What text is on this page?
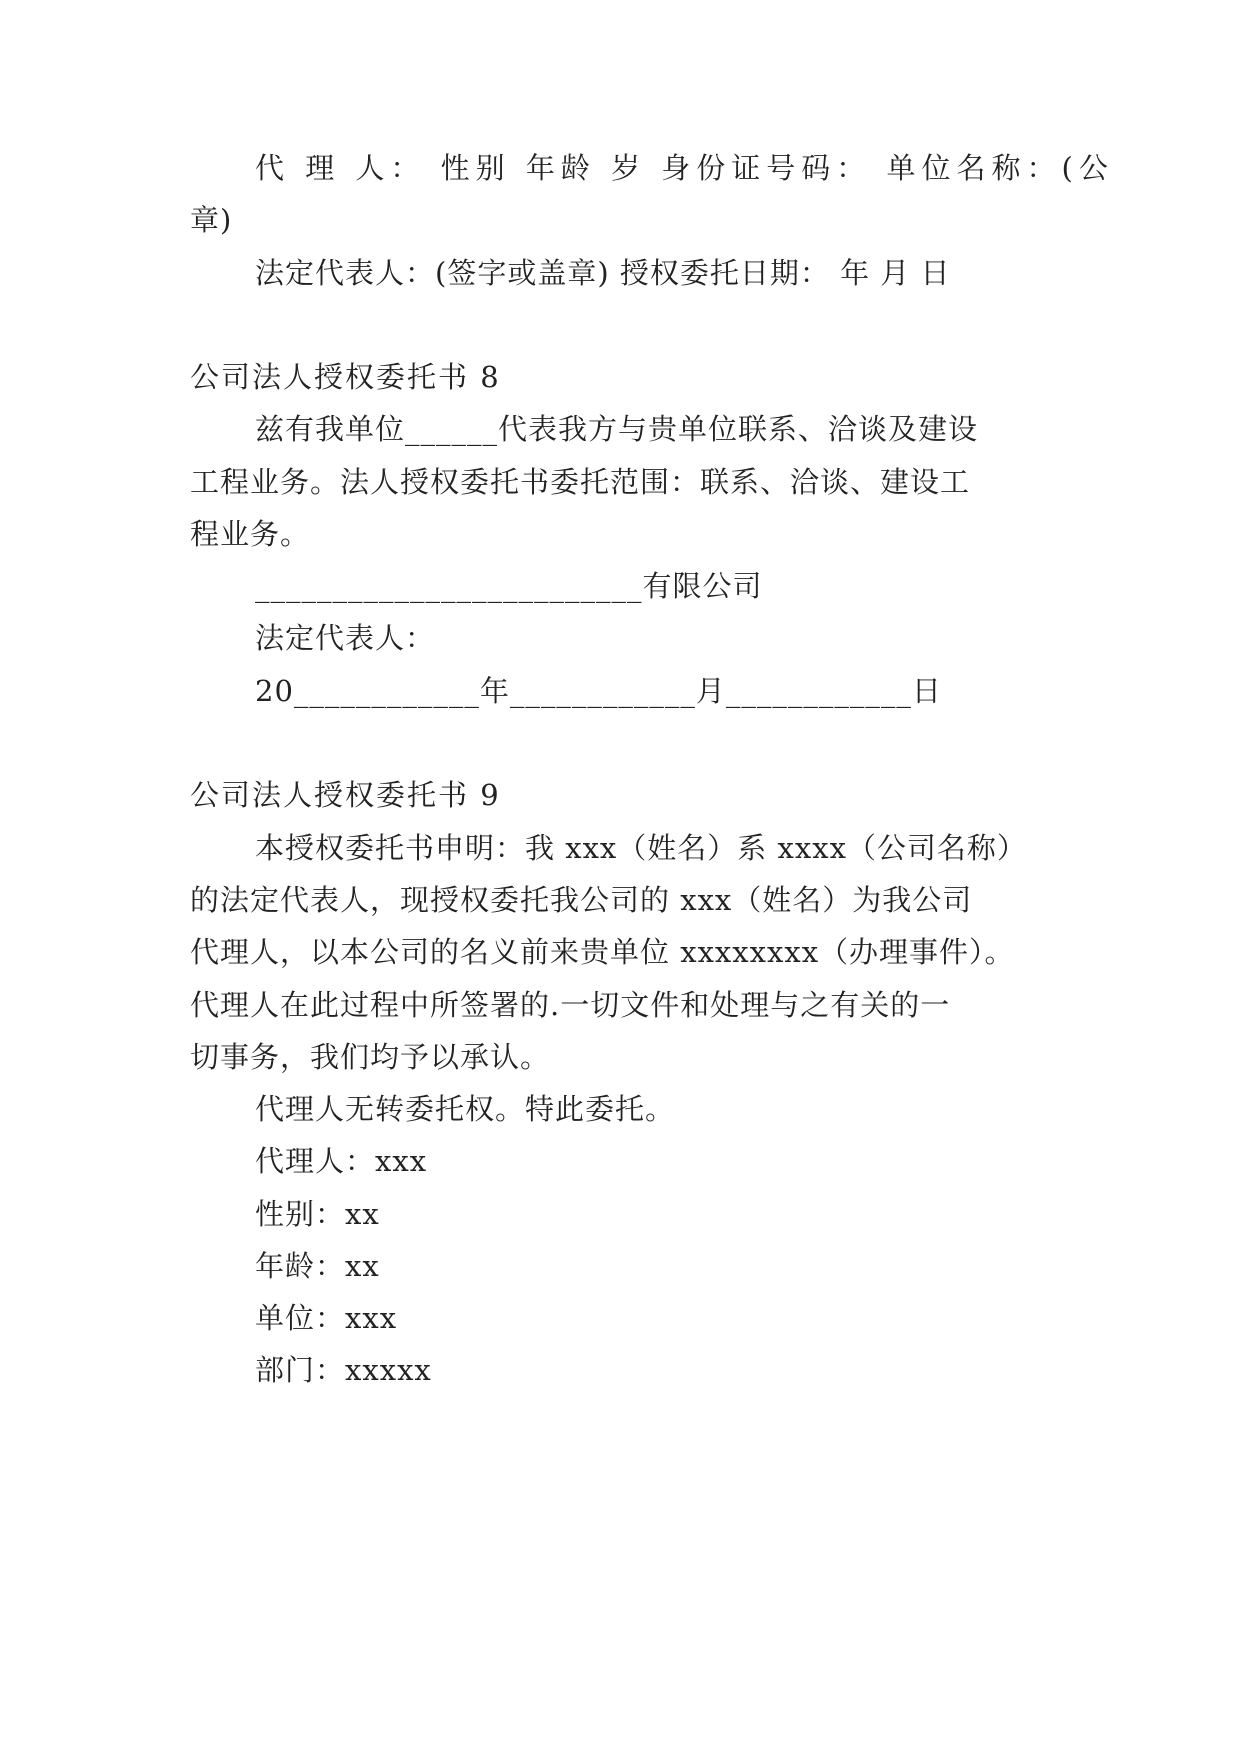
代 理 人： 性别 年龄 岁 身份证号码： 单位名称：(公
章)
法定代表人：(签字或盖章) 授权委托日期： 年 月 日
公司法人授权委托书 8
兹有我单位______代表我方与贵单位联系、洽谈及建设
工程业务。法人授权委托书委托范围：联系、洽谈、建设工
程业务。
_________________________有限公司
法定代表人：
20____________年____________月____________日
公司法人授权委托书 9
本授权委托书申明：我 xxx（姓名）系 xxxx（公司名称）
的法定代表人，现授权委托我公司的 xxx（姓名）为我公司
代理人，以本公司的名义前来贵单位 xxxxxxxx（办理事件）。
代理人在此过程中所签署的.一切文件和处理与之有关的一
切事务，我们均予以承认。
代理人无转委托权。特此委托。
代理人：xxx
性别：xx
年龄：xx
单位：xxx
部门：xxxxx
